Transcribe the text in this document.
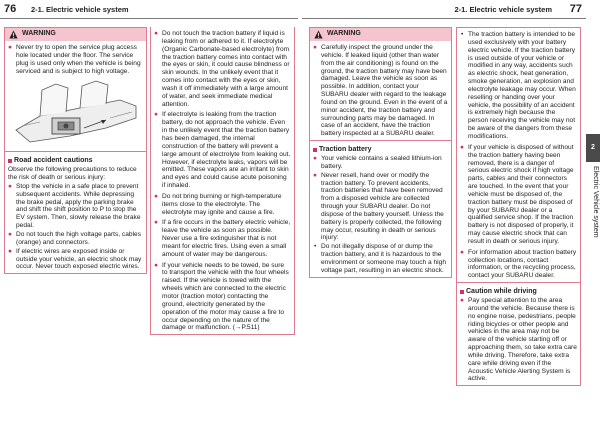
76 2-1. Electric vehicle system	2-1. Electric vehicle system 77
WARNING
● Never try to open the service plug access hole located under the floor. The service plug is used only when the vehicle is being serviced and is subject to high voltage.
Road accident cautions
Observe the following precautions to reduce the risk of death or serious injury:
● Stop the vehicle in a safe place to prevent subsequent accidents. While depressing the brake pedal, apply the parking brake and shift the shift position to P to stop the EV system. Then, slowly release the brake pedal.
● Do not touch the high voltage parts, cables (orange) and connectors.
● If electric wires are exposed inside or outside your vehicle, an electric shock may occur. Never touch exposed electric wires.
● Do not touch the traction battery if liquid is leaking from or adhered to it. If electrolyte (Organic Carbonate-based electrolyte) from the traction battery comes into contact with the eyes or skin, it could cause blindness or skin wounds. In the unlikely event that it comes into contact with the eyes or skin, wash it off immediately with a large amount of water, and seek immediate medical attention.
● If electrolyte is leaking from the traction battery, do not approach the vehicle. Even in the unlikely event that the traction battery has been damaged, the internal construction of the battery will prevent a large amount of electrolyte from leaking out. However, if electrolyte leaks, vapors will be emitted. These vapors are an irritant to skin and eyes and could cause acute poisoning if inhaled.
● Do not bring burning or high-temperature items close to the electrolyte. The electrolyte may ignite and cause a fire.
● If a fire occurs in the battery electric vehicle, leave the vehicle as soon as possible. Never use a fire extinguisher that is not meant for electric fires. Using even a small amount of water may be dangerous.
● If your vehicle needs to be towed, be sure to transport the vehicle with the four wheels raised. If the vehicle is towed with the wheels which are connected to the electric motor (traction motor) contacting the ground, electricity generated by the operation of the motor may cause a fire to occur depending on the nature of the damage or malfunction. (→P.511)
WARNING
● Carefully inspect the ground under the vehicle. If leaked liquid (other than water from the air conditioning) is found on the ground, the traction battery may have been damaged. Leave the vehicle as soon as possible. In addition, contact your SUBARU dealer with regard to the leakage found on the ground. Even in the event of a minor accident, the traction battery and surrounding parts may be damaged. In case of an accident, have the traction battery inspected at a SUBARU dealer.
Traction battery
● Your vehicle contains a sealed lithium-ion battery.
● Never resell, hand over or modify the traction battery. To prevent accidents, traction batteries that have been removed from a disposed vehicle are collected through your SUBARU dealer. Do not dispose of the battery yourself. Unless the battery is properly collected, the following may occur, resulting in death or serious injury:
• Do not illegally dispose of or dump the traction battery, and it is hazardous to the environment or someone may touch a high voltage part, resulting in an electric shock.
• The traction battery is intended to be used exclusively with your battery electric vehicle. If the traction battery is used outside of your vehicle or modified in any way, accidents such as electric shock, heat generation, smoke generation, an explosion and electrolyte leakage may occur. When reselling or handing over your vehicle, the possibility of an accident is extremely high because the person receiving the vehicle may not be aware of the dangers from these modifications.
● If your vehicle is disposed of without the traction battery having been removed, there is a danger of serious electric shock if high voltage parts, cables and their connectors are touched. In the event that your vehicle must be disposed of, the traction battery must be disposed of by your SUBARU dealer or a qualified service shop. If the traction battery is not disposed of properly, it may cause electric shock that can result in death or serious injury.
● For information about traction battery collection locations, contact information, or the recycling process, contact your SUBARU dealer.
Caution while driving
● Pay special attention to the area around the vehicle. Because there is no engine noise, pedestrians, people riding bicycles or other people and vehicles in the area may not be aware of the vehicle starting off or approaching them, so take extra care while driving. Therefore, take extra care while driving even if the Acoustic Vehicle Alerting System is active.
2
Electric Vehicle system
